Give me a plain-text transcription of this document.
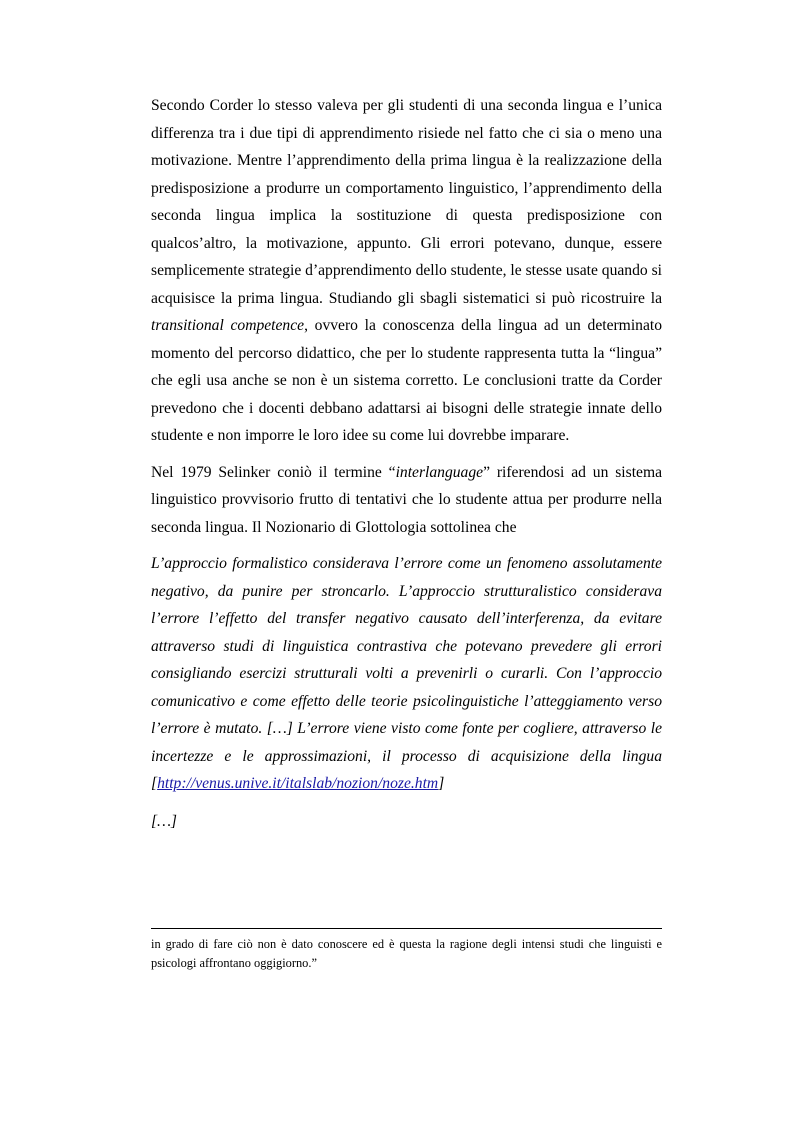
Secondo Corder lo stesso valeva per gli studenti di una seconda lingua e l’unica differenza tra i due tipi di apprendimento risiede nel fatto che ci sia o meno una motivazione. Mentre l’apprendimento della prima lingua è la realizzazione della predisposizione a produrre un comportamento linguistico, l’apprendimento della seconda lingua implica la sostituzione di questa predisposizione con qualcos’altro, la motivazione, appunto. Gli errori potevano, dunque, essere semplicemente strategie d’apprendimento dello studente, le stesse usate quando si acquisisce la prima lingua. Studiando gli sbagli sistematici si può ricostruire la transitional competence, ovvero la conoscenza della lingua ad un determinato momento del percorso didattico, che per lo studente rappresenta tutta la “lingua” che egli usa anche se non è un sistema corretto. Le conclusioni tratte da Corder prevedono che i docenti debbano adattarsi ai bisogni delle strategie innate dello studente e non imporre le loro idee su come lui dovrebbe imparare.

Nel 1979 Selinker coniò il termine “interlanguage” riferendosi ad un sistema linguistico provvisorio frutto di tentativi che lo studente attua per produrre nella seconda lingua. Il Nozionario di Glottologia sottolinea che

L’approccio formalistico considerava l’errore come un fenomeno assolutamente negativo, da punire per stroncarlo. L’approccio strutturalistico considerava l’errore l’effetto del transfer negativo causato dell’interferenza, da evitare attraverso studi di linguistica contrastiva che potevano prevedere gli errori consigliando esercizi strutturali volti a prevenirli o curarli. Con l’approccio comunicativo e come effetto delle teorie psicolinguistiche l’atteggiamento verso l’errore è mutato. […] L’errore viene visto come fonte per cogliere, attraverso le incertezze e le approssimazioni, il processo di acquisizione della lingua [http://venus.unive.it/italslab/nozion/noze.htm]

[…]

in grado di fare ciò non è dato conoscere ed è questa la ragione degli intensi studi che linguisti e psicologi affrontano oggigiorno.”
